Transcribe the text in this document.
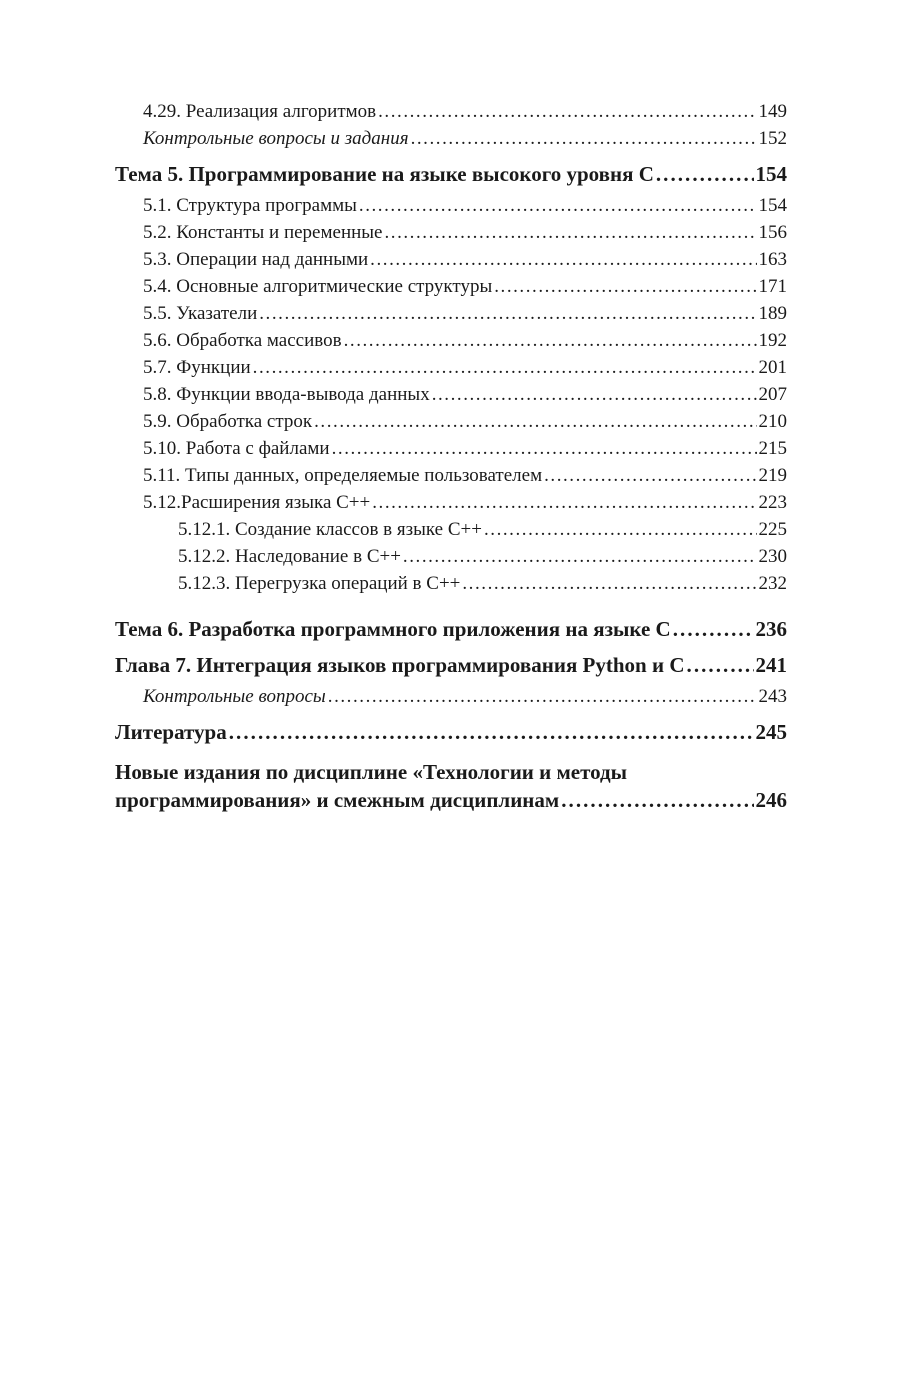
4.29. Реализация алгоритмов . . .	149
Контрольные вопросы и задания . . .	152
Тема 5. Программирование на языке высокого уровня С . . .	154
5.1. Структура программы . . .	154
5.2. Константы и переменные . . .	156
5.3. Операции над данными . . .	163
5.4. Основные алгоритмические структуры . . .	171
5.5. Указатели . . .	189
5.6. Обработка массивов . . .	192
5.7. Функции . . .	201
5.8. Функции ввода-вывода данных . . .	207
5.9. Обработка строк . . .	210
5.10. Работа с файлами . . .	215
5.11. Типы данных, определяемые пользователем . . .	219
5.12.Расширения языка С++ . . .	223
5.12.1. Создание классов в языке С++ . . .	225
5.12.2. Наследование в С++ . . .	230
5.12.3. Перегрузка операций в С++ . . .	232
Тема 6. Разработка программного приложения на языке С . . .	236
Глава 7. Интеграция языков программирования Python и С . . .	241
Контрольные вопросы . . .	243
Литература . . .	245
Новые издания по дисциплине «Технологии и методы
программирования» и смежным дисциплинам . . .	246
